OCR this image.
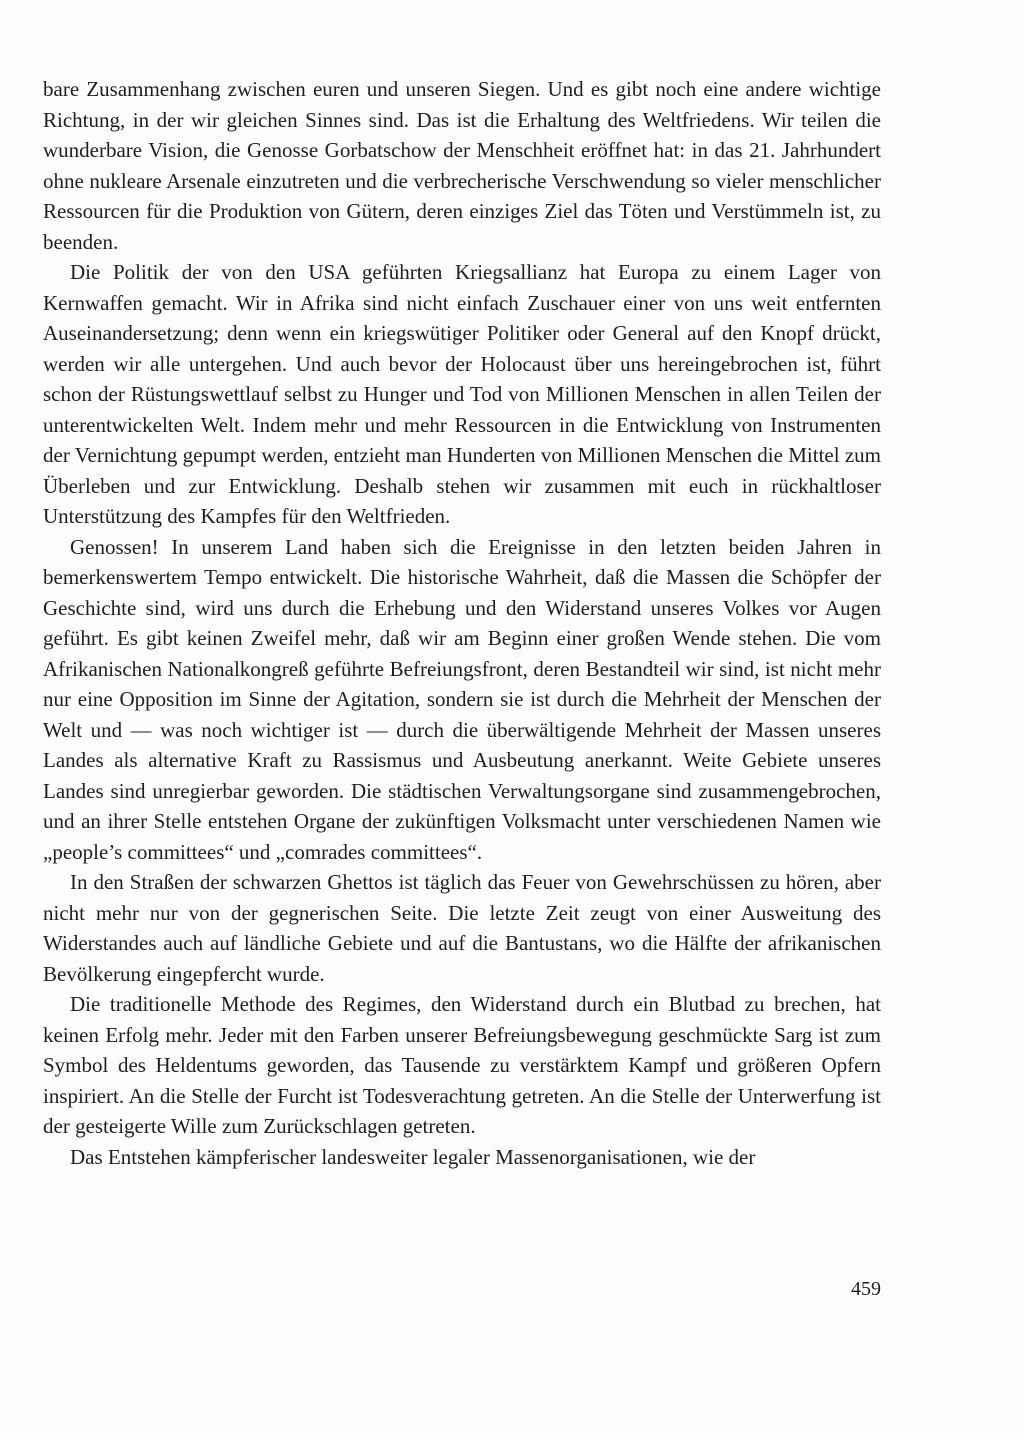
bare Zusammenhang zwischen euren und unseren Siegen. Und es gibt noch eine andere wichtige Richtung, in der wir gleichen Sinnes sind. Das ist die Erhaltung des Weltfriedens. Wir teilen die wunderbare Vision, die Genosse Gorbatschow der Menschheit eröffnet hat: in das 21. Jahrhundert ohne nukleare Arsenale einzutreten und die verbrecherische Verschwendung so vieler menschlicher Ressourcen für die Produktion von Gütern, deren einziges Ziel das Töten und Verstümmeln ist, zu beenden.

Die Politik der von den USA geführten Kriegsallianz hat Europa zu einem Lager von Kernwaffen gemacht. Wir in Afrika sind nicht einfach Zuschauer einer von uns weit entfernten Auseinandersetzung; denn wenn ein kriegswütiger Politiker oder General auf den Knopf drückt, werden wir alle untergehen. Und auch bevor der Holocaust über uns hereingebrochen ist, führt schon der Rüstungswettlauf selbst zu Hunger und Tod von Millionen Menschen in allen Teilen der unterentwickelten Welt. Indem mehr und mehr Ressourcen in die Entwicklung von Instrumenten der Vernichtung gepumpt werden, entzieht man Hunderten von Millionen Menschen die Mittel zum Überleben und zur Entwicklung. Deshalb stehen wir zusammen mit euch in rückhaltloser Unterstützung des Kampfes für den Weltfrieden.

Genossen! In unserem Land haben sich die Ereignisse in den letzten beiden Jahren in bemerkenswertem Tempo entwickelt. Die historische Wahrheit, daß die Massen die Schöpfer der Geschichte sind, wird uns durch die Erhebung und den Widerstand unseres Volkes vor Augen geführt. Es gibt keinen Zweifel mehr, daß wir am Beginn einer großen Wende stehen. Die vom Afrikanischen Nationalkongreß geführte Befreiungsfront, deren Bestandteil wir sind, ist nicht mehr nur eine Opposition im Sinne der Agitation, sondern sie ist durch die Mehrheit der Menschen der Welt und — was noch wichtiger ist — durch die überwältigende Mehrheit der Massen unseres Landes als alternative Kraft zu Rassismus und Ausbeutung anerkannt. Weite Gebiete unseres Landes sind unregierbar geworden. Die städtischen Verwaltungsorgane sind zusammengebrochen, und an ihrer Stelle entstehen Organe der zukünftigen Volksmacht unter verschiedenen Namen wie „people’s committees“ und „comrades committees“.

In den Straßen der schwarzen Ghettos ist täglich das Feuer von Gewehrschüssen zu hören, aber nicht mehr nur von der gegnerischen Seite. Die letzte Zeit zeugt von einer Ausweitung des Widerstandes auch auf ländliche Gebiete und auf die Bantustans, wo die Hälfte der afrikanischen Bevölkerung eingepfercht wurde.

Die traditionelle Methode des Regimes, den Widerstand durch ein Blutbad zu brechen, hat keinen Erfolg mehr. Jeder mit den Farben unserer Befreiungsbewegung geschmückte Sarg ist zum Symbol des Heldentums geworden, das Tausende zu verstärktem Kampf und größeren Opfern inspiriert. An die Stelle der Furcht ist Todesverachtung getreten. An die Stelle der Unterwerfung ist der gesteigerte Wille zum Zurückschlagen getreten.

Das Entstehen kämpferischer landesweiter legaler Massenorganisationen, wie der

459
